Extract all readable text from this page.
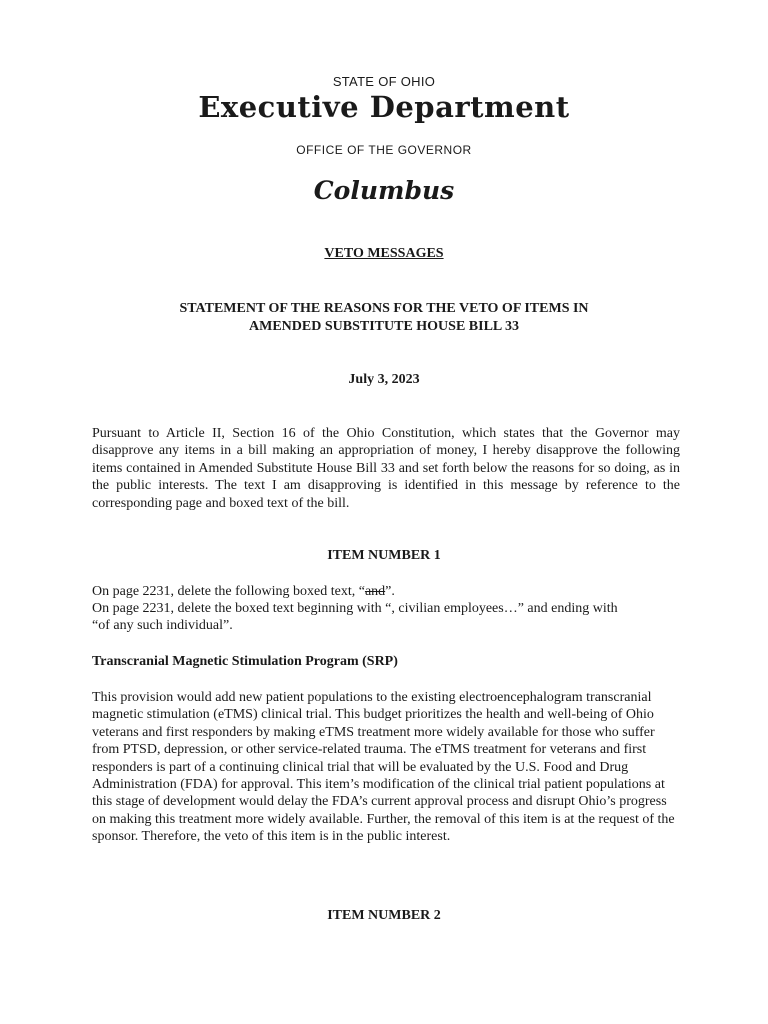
STATE OF OHIO
Executive Department
OFFICE OF THE GOVERNOR
Columbus
VETO MESSAGES
STATEMENT OF THE REASONS FOR THE VETO OF ITEMS IN
AMENDED SUBSTITUTE HOUSE BILL 33
July 3, 2023

Pursuant to Article II, Section 16 of the Ohio Constitution, which states that the Governor may disapprove any items in a bill making an appropriation of money, I hereby disapprove the following items contained in Amended Substitute House Bill 33 and set forth below the reasons for so doing, as in the public interests. The text I am disapproving is identified in this message by reference to the corresponding page and boxed text of the bill.

ITEM NUMBER 1

On page 2231, delete the following boxed text, “and”.

On page 2231, delete the boxed text beginning with “, civilian employees…” and ending with

“of any such individual”.

Transcranial Magnetic Stimulation Program (SRP)

This provision would add new patient populations to the existing electroencephalogram transcranial magnetic stimulation (eTMS) clinical trial. This budget prioritizes the health and well-being of Ohio veterans and first responders by making eTMS treatment more widely available for those who suffer from PTSD, depression, or other service-related trauma. The eTMS treatment for veterans and first responders is part of a continuing clinical trial that will be evaluated by the U.S. Food and Drug Administration (FDA) for approval. This item’s modification of the clinical trial patient populations at this stage of development would delay the FDA’s current approval process and disrupt Ohio’s progress on making this treatment more widely available. Further, the removal of this item is at the request of the sponsor. Therefore, the veto of this item is in the public interest.

ITEM NUMBER 2
